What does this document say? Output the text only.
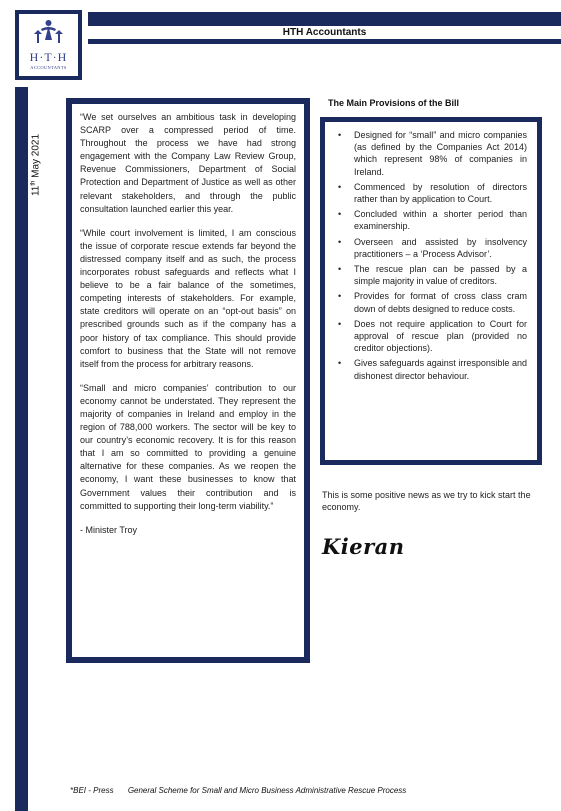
H·T·H
ACCOUNTANTS
HTH Accountants
11th May 2021

“We set ourselves an ambitious task in developing SCARP over a compressed period of time. Throughout the process we have had strong engagement with the Company Law Review Group, Revenue Commissioners, Department of Social Protection and Department of Justice as well as other relevant stakeholders, and through the public consultation launched earlier this year.

“While court involvement is limited, I am conscious the issue of corporate rescue extends far beyond the distressed company itself and as such, the process incorporates robust safeguards and reflects what I believe to be a fair balance of the sometimes, competing interests of stakeholders. For example, state creditors will operate on an “opt-out basis” on prescribed grounds such as if the company has a poor history of tax compliance. This should provide comfort to business that the State will not remove itself from the process for arbitrary reasons.

“Small and micro companies’ contribution to our economy cannot be understated. They represent the majority of companies in Ireland and employ in the region of 788,000 workers. The sector will be key to our country’s economic recovery. It is for this reason that I am so committed to providing a genuine alternative for these companies. As we reopen the economy, I want these businesses to know that Government values their contribution and is committed to supporting their long-term viability.”

- Minister Troy

The Main Provisions of the Bill
• Designed for “small” and micro companies (as defined by the Companies Act 2014) which represent 98% of companies in Ireland.
• Commenced by resolution of directors rather than by application to Court.
• Concluded within a shorter period than examinership.
• Overseen and assisted by insolvency practitioners – a ‘Process Advisor’.
• The rescue plan can be passed by a simple majority in value of creditors.
• Provides for format of cross class cram down of debts designed to reduce costs.
• Does not require application to Court for approval of rescue plan (provided no creditor objections).
• Gives safeguards against irresponsible and dishonest director behaviour.
This is some positive news as we try to kick start the economy.
Kieran
*BEI - Press General Scheme for Small and Micro Business Administrative Rescue Process
